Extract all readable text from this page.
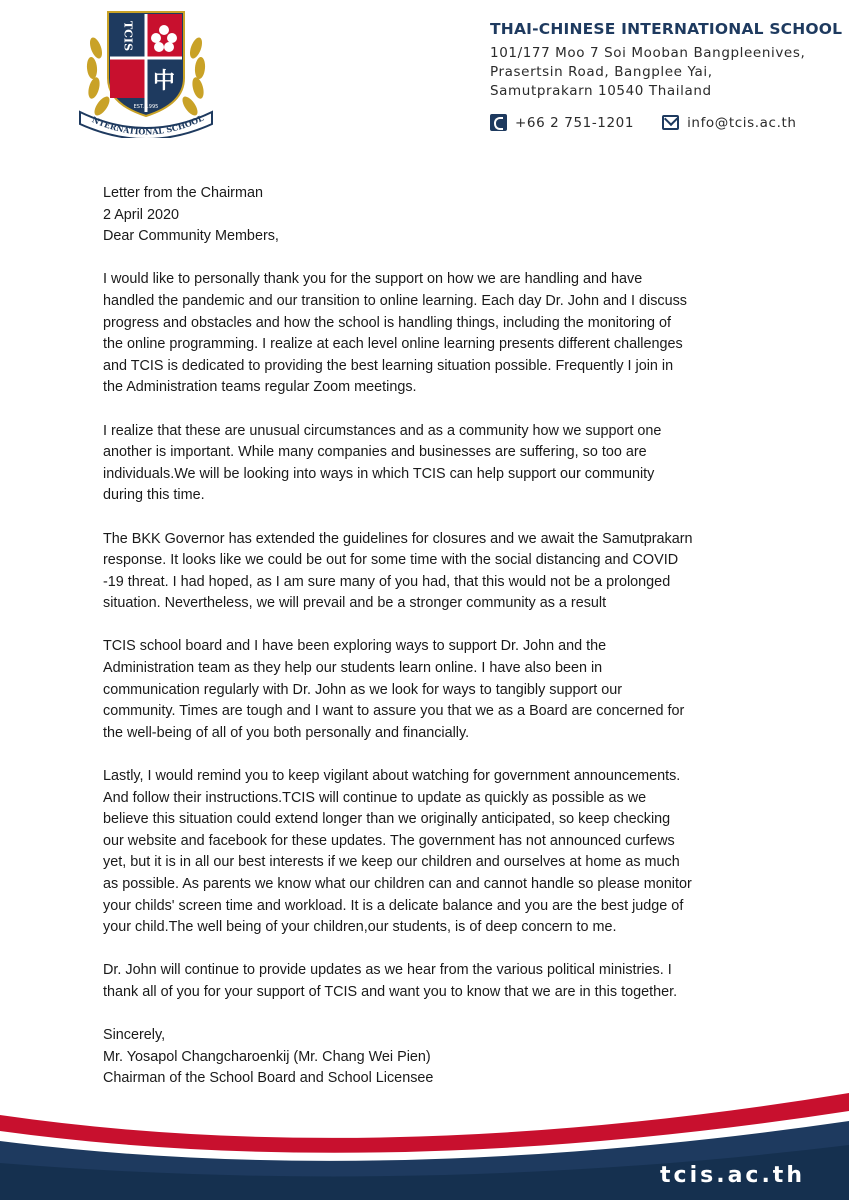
TCIS
中
EST. 1995
NTERNATIONAL SCHOOL
THAI-CHINESE INTERNATIONAL SCHOOL
101/177 Moo 7 Soi Mooban Bangpleenives,
Prasertsin Road, Bangplee Yai,
Samutprakarn 10540 Thailand
+66 2 751-1201	info@tcis.ac.th
Letter from the Chairman
2 April 2020
Dear Community Members,
I would like to personally thank you for the support on how we are handling and have
handled the pandemic and our transition to online learning. Each day Dr. John and I discuss
progress and obstacles and how the school is handling things, including the monitoring of
the online programming. I realize at each level online learning presents different challenges
and TCIS is dedicated to providing the best learning situation possible. Frequently I join in
the Administration teams regular Zoom meetings.
I realize that these are unusual circumstances and as a community how we support one
another is important. While many companies and businesses are suffering, so too are
individuals.We will be looking into ways in which TCIS can help support our community
during this time.
The BKK Governor has extended the guidelines for closures and we await the Samutprakarn
response. It looks like we could be out for some time with the social distancing and COVID
-19 threat. I had hoped, as I am sure many of you had, that this would not be a prolonged
situation. Nevertheless, we will prevail and be a stronger community as a result
TCIS school board and I have been exploring ways to support Dr. John and the
Administration team as they help our students learn online. I have also been in
communication regularly with Dr. John as we look for ways to tangibly support our
community. Times are tough and I want to assure you that we as a Board are concerned for
the well-being of all of you both personally and financially.
Lastly, I would remind you to keep vigilant about watching for government announcements.
And follow their instructions.TCIS will continue to update as quickly as possible as we
believe this situation could extend longer than we originally anticipated, so keep checking
our website and facebook for these updates. The government has not announced curfews
yet, but it is in all our best interests if we keep our children and ourselves at home as much
as possible. As parents we know what our children can and cannot handle so please monitor
your childs' screen time and workload. It is a delicate balance and you are the best judge of
your child.The well being of your children,our students, is of deep concern to me.
Dr. John will continue to provide updates as we hear from the various political ministries. I
thank all of you for your support of TCIS and want you to know that we are in this together.
Sincerely,
Mr. Yosapol Changcharoenkij (Mr. Chang Wei Pien)
Chairman of the School Board and School Licensee
tcis.ac.th
